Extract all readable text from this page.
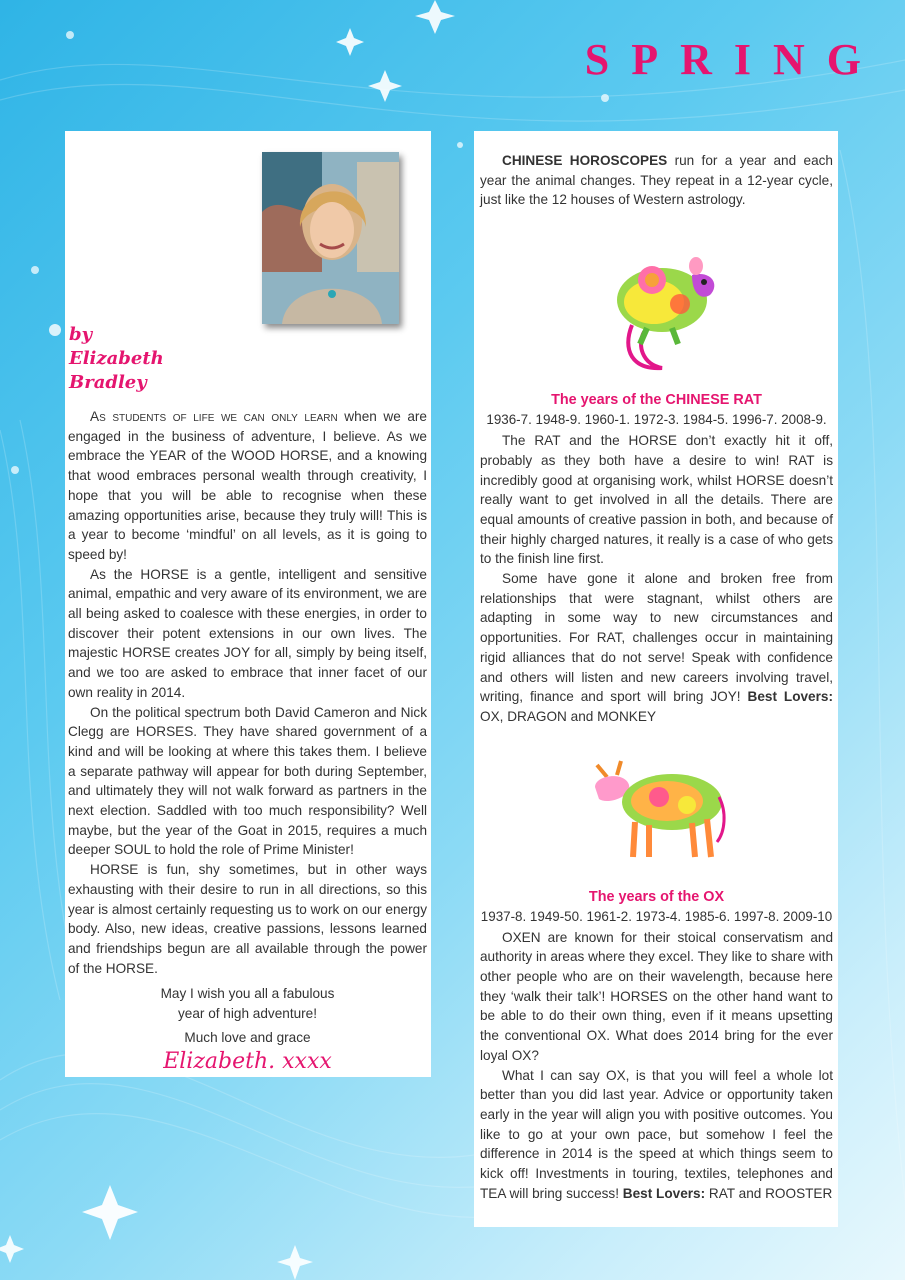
SPRING
by
Elizabeth
Bradley

As students of life we can only learn when we are engaged in the business of adventure, I believe. As we embrace the YEAR of the WOOD HORSE, and a knowing that wood embraces personal wealth through creativity, I hope that you will be able to recognise when these amazing opportunities arise, because they truly will! This is a year to become ‘mindful’ on all levels, as it is going to speed by!

As the HORSE is a gentle, intelligent and sensitive animal, empathic and very aware of its environment, we are all being asked to coalesce with these energies, in order to discover their potent extensions in our own lives. The majestic HORSE creates JOY for all, simply by being itself, and we too are asked to embrace that inner facet of our own reality in 2014.

On the political spectrum both David Cameron and Nick Clegg are HORSES. They have shared government of a kind and will be looking at where this takes them. I believe a separate pathway will appear for both during September, and ultimately they will not walk forward as partners in the next election. Saddled with too much responsibility? Well maybe, but the year of the Goat in 2015, requires a much deeper SOUL to hold the role of Prime Minister!

HORSE is fun, shy sometimes, but in other ways exhausting with their desire to run in all directions, so this year is almost certainly requesting us to work on our energy body. Also, new ideas, creative passions, lessons learned and friendships begun are all available through the power of the HORSE.

May I wish you all a fabulous

year of high adventure!

Much love and grace

Elizabeth. xxxx

CHINESE HOROSCOPES run for a year and each year the animal changes. They repeat in a 12-year cycle, just like the 12 houses of Western astrology.

The years of the CHINESE RAT

1936-7. 1948-9. 1960-1. 1972-3. 1984-5. 1996-7. 2008-9.

The RAT and the HORSE don’t exactly hit it off, probably as they both have a desire to win! RAT is incredibly good at organising work, whilst HORSE doesn’t really want to get involved in all the details. There are equal amounts of creative passion in both, and because of their highly charged natures, it really is a case of who gets to the finish line first.

Some have gone it alone and broken free from relationships that were stagnant, whilst others are adapting in some way to new circumstances and opportunities. For RAT, challenges occur in maintaining rigid alliances that do not serve! Speak with confidence and others will listen and new careers involving travel, writing, finance and sport will bring JOY! Best Lovers: OX, DRAGON and MONKEY

The years of the OX

1937-8. 1949-50. 1961-2. 1973-4. 1985-6. 1997-8. 2009-10

OXEN are known for their stoical conservatism and authority in areas where they excel. They like to share with other people who are on their wavelength, because here they ‘walk their talk’! HORSES on the other hand want to be able to do their own thing, even if it means upsetting the conventional OX. What does 2014 bring for the ever loyal OX?

What I can say OX, is that you will feel a whole lot better than you did last year. Advice or opportunity taken early in the year will align you with positive outcomes. You like to go at your own pace, but somehow I feel the difference in 2014 is the speed at which things seem to kick off! Investments in touring, textiles, telephones and TEA will bring success! Best Lovers: RAT and ROOSTER
